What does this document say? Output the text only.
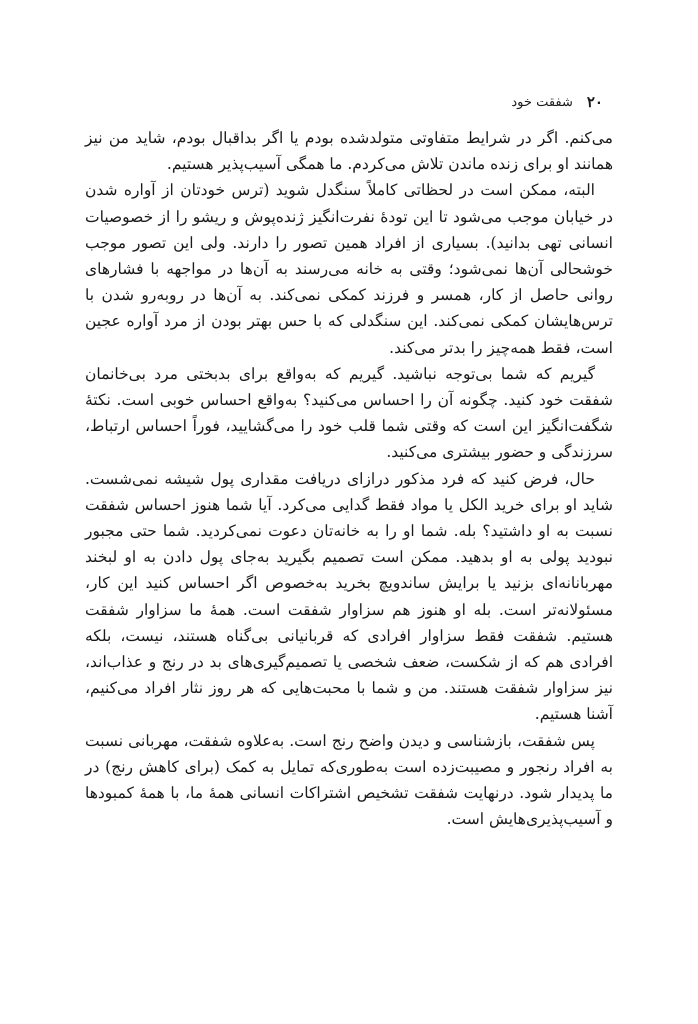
۲۰
شفقت خود

می‌کنم. اگر در شرایط متفاوتی متولدشده بودم یا اگر بداقبال بودم، شاید من نیز همانند او برای زنده ماندن تلاش می‌کردم. ما همگی آسیب‌پذیر هستیم.

البته، ممکن است در لحظاتی کاملاً سنگدل شوید (ترس خودتان از آواره شدن در خیابان موجب می‌شود تا این تودهٔ نفرت‌انگیز ژنده‌پوش و ریشو را از خصوصیات انسانی تهی بدانید). بسیاری از افراد همین تصور را دارند. ولی این تصور موجب خوشحالی آن‌ها نمی‌شود؛ وقتی به خانه می‌رسند به آن‌ها در مواجهه با فشارهای روانی حاصل از کار، همسر و فرزند کمکی نمی‌کند. به آن‌ها در روبه‌رو شدن با ترس‌هایشان کمکی نمی‌کند. این سنگدلی که با حس بهتر بودن از مرد آواره عجین است، فقط همه‌چیز را بدتر می‌کند.

گیریم که شما بی‌توجه نباشید. گیریم که به‌واقع برای بدبختی مرد بی‌خانمان شفقت خود کنید. چگونه آن را احساس می‌کنید؟ به‌واقع احساس خوبی است. نکتهٔ شگفت‌انگیز این است که وقتی شما قلب خود را می‌گشایید، فوراً احساس ارتباط، سرزندگی و حضور بیشتری می‌کنید.

حال، فرض کنید که فرد مذکور درازای دریافت مقداری پول شیشه نمی‌شست. شاید او برای خرید الکل یا مواد فقط گدایی می‌کرد. آیا شما هنوز احساس شفقت نسبت به او داشتید؟ بله. شما او را به خانه‌تان دعوت نمی‌کردید. شما حتی مجبور نبودید پولی به او بدهید. ممکن است تصمیم بگیرید به‌جای پول دادن به او لبخند مهربانانه‌ای بزنید یا برایش ساندویچ بخرید به‌خصوص اگر احساس کنید این کار، مسئولانه‌تر است. بله او هنوز هم سزاوار شفقت است. همهٔ ما سزاوار شفقت هستیم. شفقت فقط سزاوار افرادی که قربانیانی بی‌گناه هستند، نیست، بلکه افرادی هم که از شکست، ضعف شخصی یا تصمیم‌گیری‌های بد در رنج و عذاب‌اند، نیز سزاوار شفقت هستند. من و شما با محبت‌هایی که هر روز نثار افراد می‌کنیم، آشنا هستیم.

پس شفقت، بازشناسی و دیدن واضح رنج است. به‌علاوه شفقت، مهربانی نسبت به افراد رنجور و مصیبت‌زده است به‌طوری‌که تمایل به کمک (برای کاهش رنج) در ما پدیدار شود. درنهایت شفقت تشخیص اشتراکات انسانی همهٔ ما، با همهٔ کمبودها و آسیب‌پذیری‌هایش است.
